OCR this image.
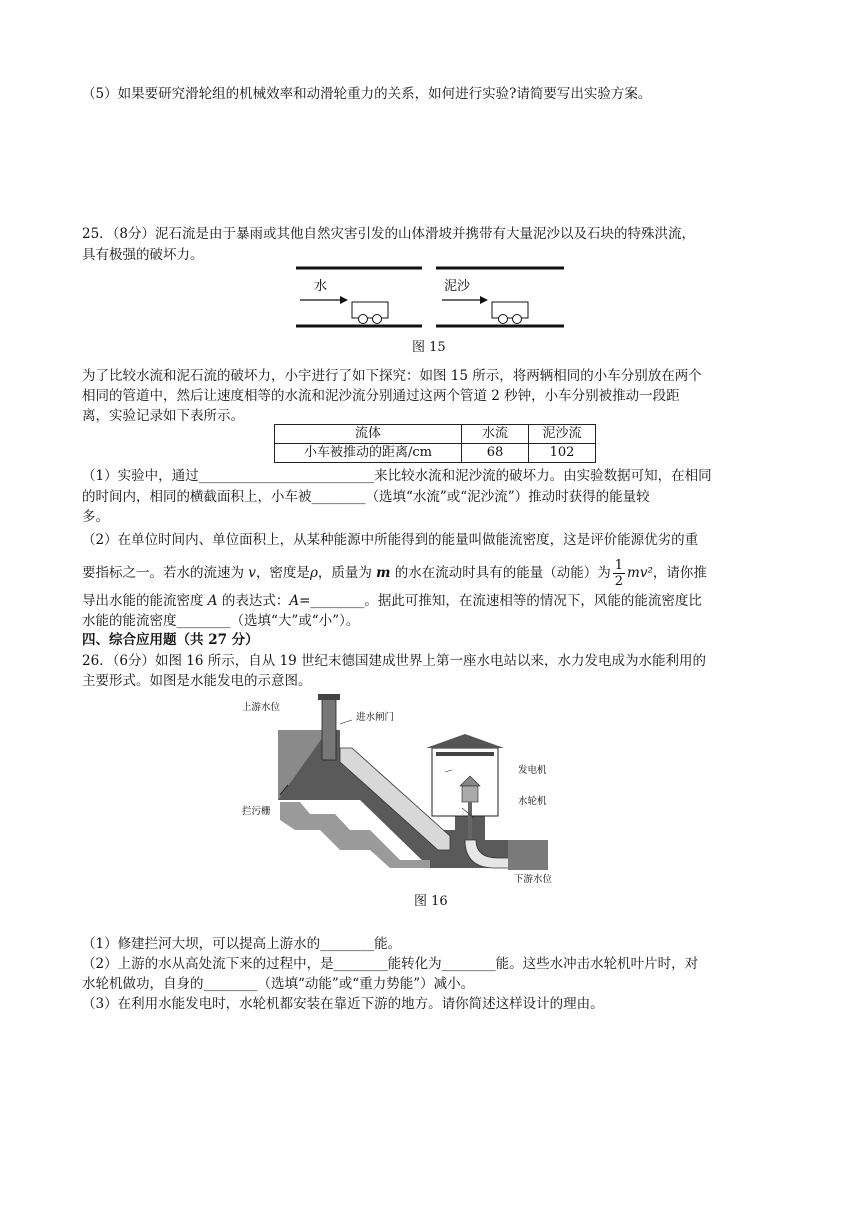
（5）如果要研究滑轮组的机械效率和动滑轮重力的关系，如何进行实验?请简要写出实验方案。
25．（8分）泥石流是由于暴雨或其他自然灾害引发的山体滑坡并携带有大量泥沙以及石块的特殊洪流，
具有极强的破坏力。
水	泥沙
图 15
为了比较水流和泥石流的破坏力，小宇进行了如下探究：如图 15 所示，将两辆相同的小车分别放在两个
相同的管道中，然后让速度相等的水流和泥沙流分别通过这两个管道 2 秒钟，小车分别被推动一段距
离，实验记录如下表所示。
流体	水流	泥沙流
小车被推动的距离/cm	68	102
（1）实验中，通过__________________________来比较水流和泥沙流的破坏力。由实验数据可知，在相同
的时间内，相同的横截面积上，小车被________（选填“水流”或“泥沙流”）推动时获得的能量较
多。
（2）在单位时间内、单位面积上，从某种能源中所能得到的能量叫做能流密度，这是评价能源优劣的重
要指标之一。若水的流速为 v，密度是ρ，质量为 m 的水在流动时具有的能量（动能）为 $\frac{1}{2} mv^2$，请你推
导出水能的能流密度 A 的表达式：A=________。据此可推知，在流速相等的情况下，风能的能流密度比
水能的能流密度________（选填“大”或“小”）。
四、综合应用题（共 27 分）
26．（6分）如图 16 所示，自从 19 世纪末德国建成世界上第一座水电站以来，水力发电成为水能利用的
主要形式。如图是水能发电的示意图。
上游水位
进水闸门
发电机
水轮机
拦污栅
下游水位
图 16
（1）修建拦河大坝，可以提高上游水的________能。
（2）上游的水从高处流下来的过程中，是________能转化为________能。这些水冲击水轮机叶片时，对
水轮机做功，自身的________（选填“动能”或“重力势能”）减小。
（3）在利用水能发电时，水轮机都安装在靠近下游的地方。请你简述这样设计的理由。
